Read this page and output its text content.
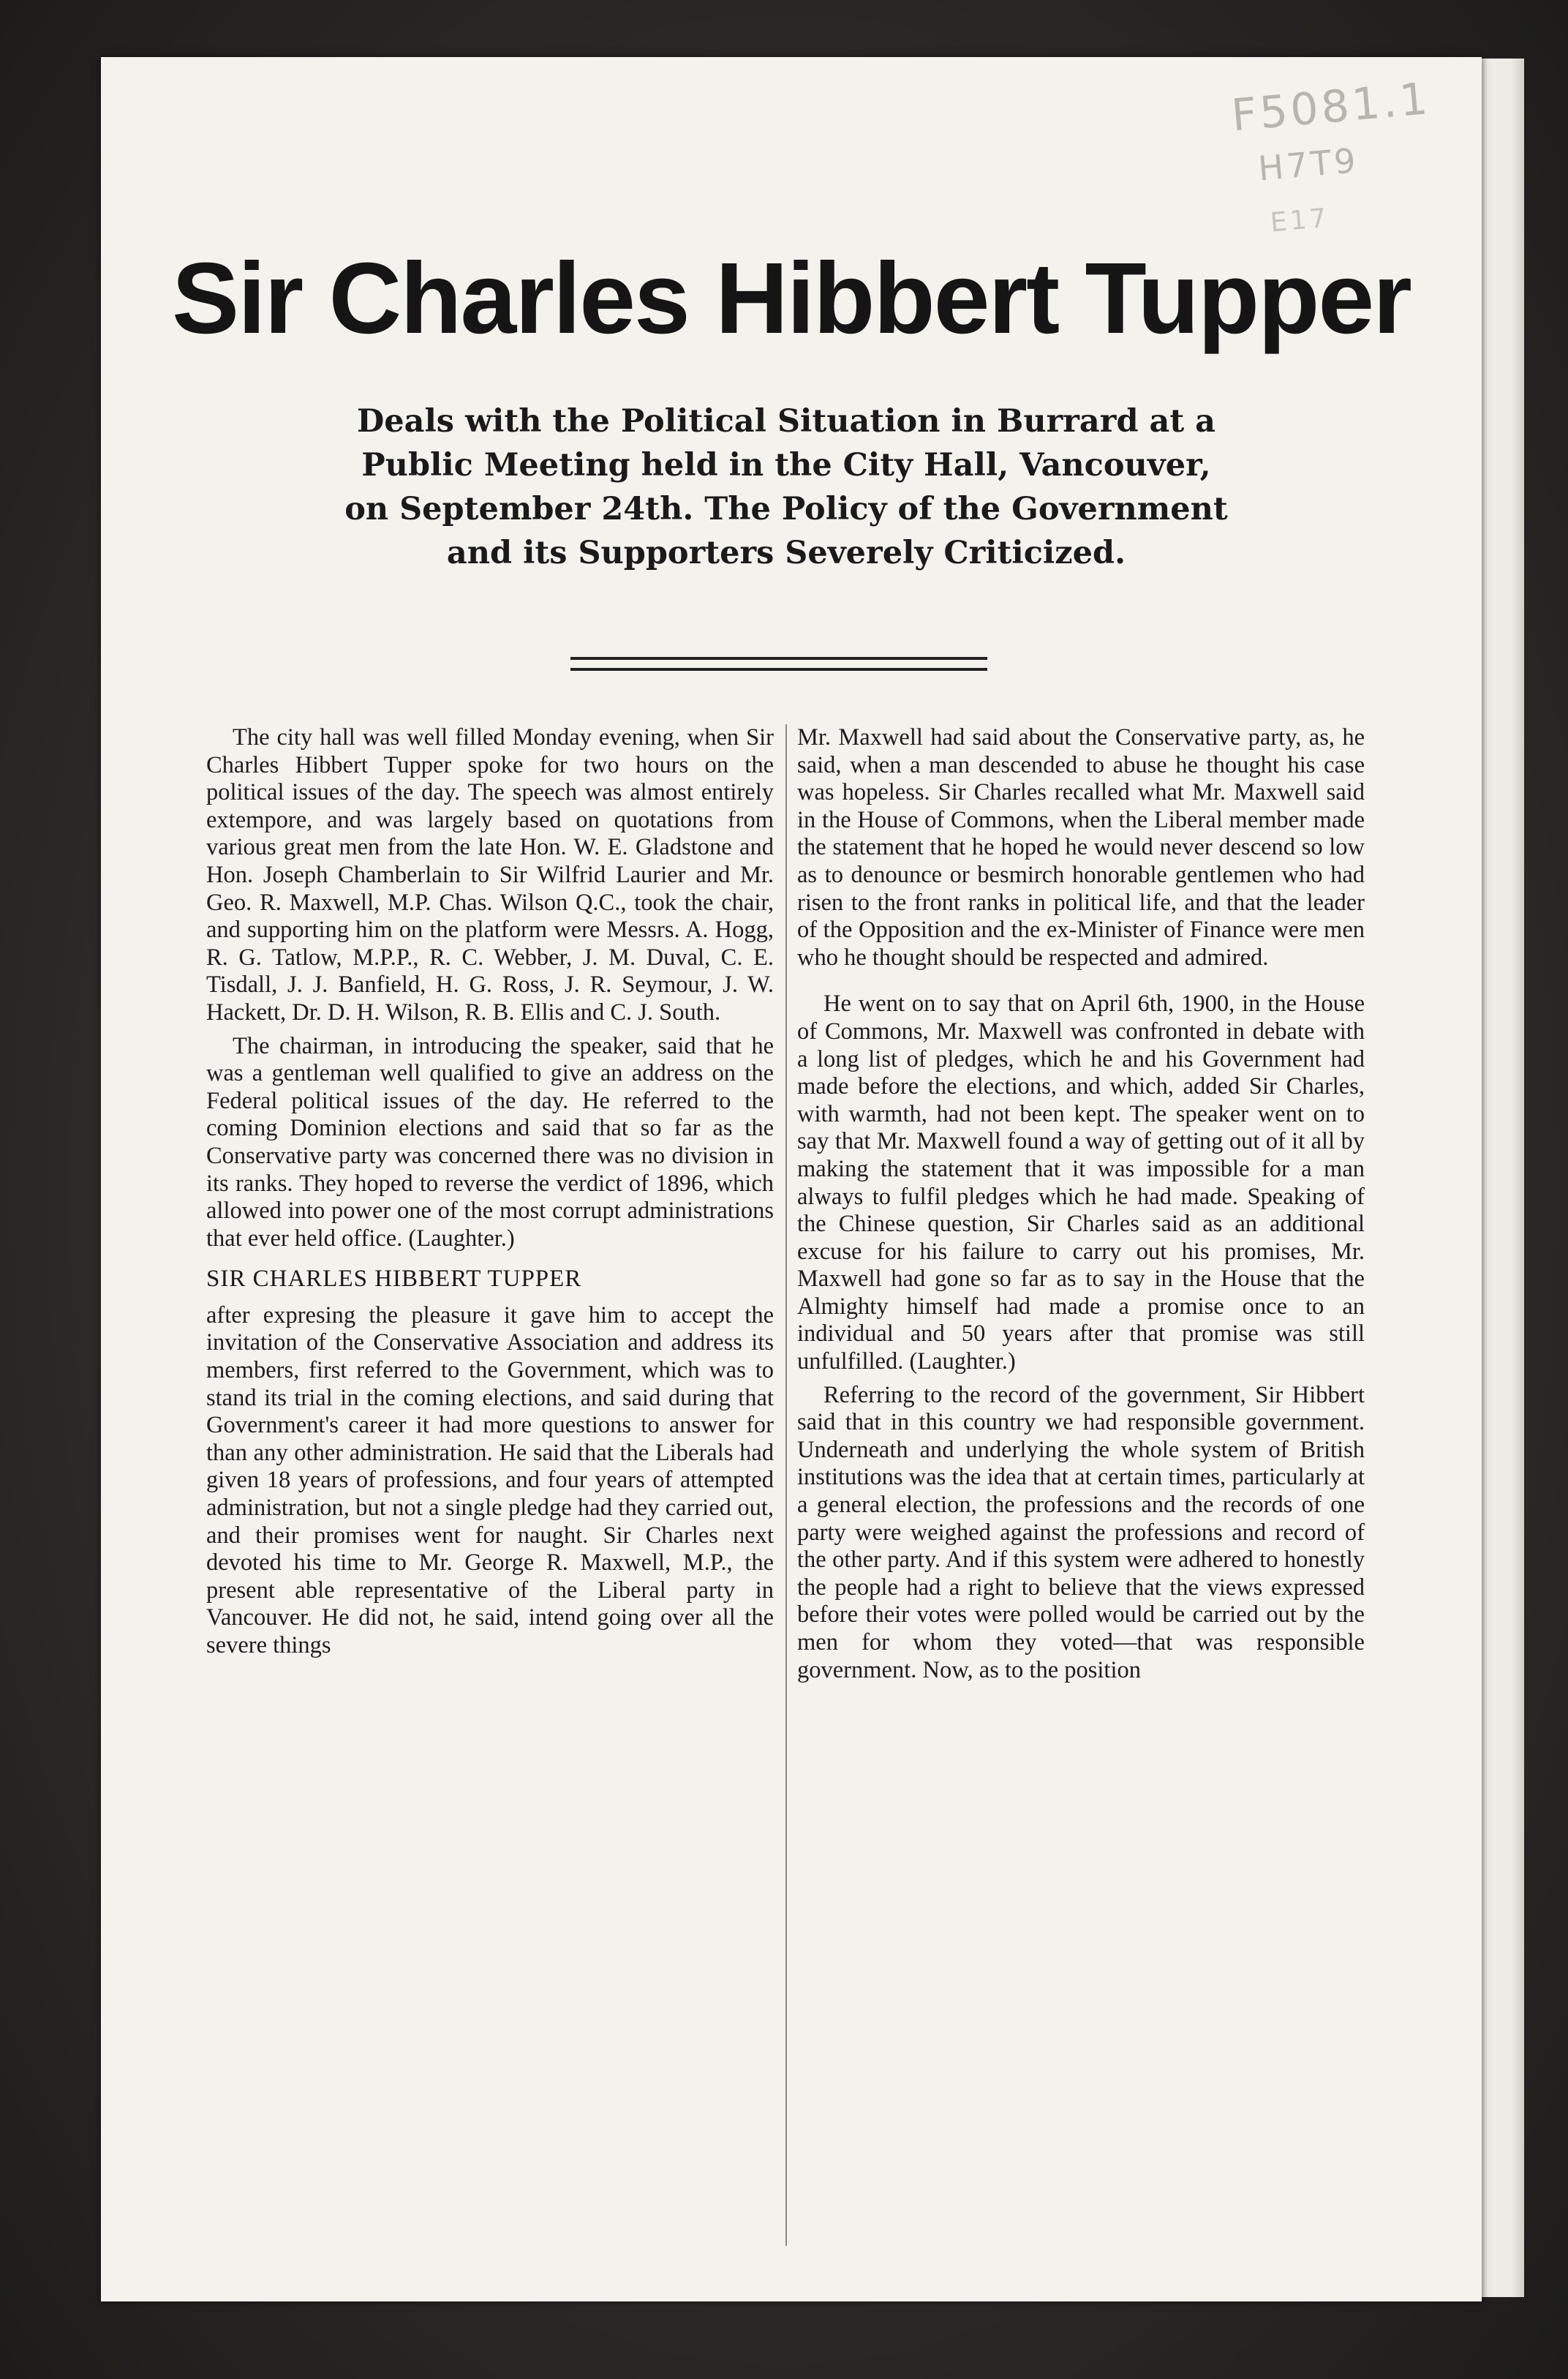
F5081.1
H7T9
E17
Sir Charles Hibbert Tupper
Deals with the Political Situation in Burrard at a Public Meeting held in the City Hall, Vancouver, on September 24th. The Policy of the Government and its Supporters Severely Criticized.

The city hall was well filled Monday evening, when Sir Charles Hibbert Tupper spoke for two hours on the political issues of the day. The speech was almost entirely extempore, and was largely based on quotations from various great men from the late Hon. W. E. Gladstone and Hon. Joseph Chamberlain to Sir Wilfrid Laurier and Mr. Geo. R. Maxwell, M.P. Chas. Wilson Q.C., took the chair, and supporting him on the platform were Messrs. A. Hogg, R. G. Tatlow, M.P.P., R. C. Webber, J. M. Duval, C. E. Tisdall, J. J. Banfield, H. G. Ross, J. R. Seymour, J. W. Hackett, Dr. D. H. Wilson, R. B. Ellis and C. J. South.

The chairman, in introducing the speaker, said that he was a gentleman well qualified to give an address on the Federal political issues of the day. He referred to the coming Dominion elections and said that so far as the Conservative party was concerned there was no division in its ranks. They hoped to reverse the verdict of 1896, which allowed into power one of the most corrupt administrations that ever held office. (Laughter.)

SIR CHARLES HIBBERT TUPPER

after expresing the pleasure it gave him to accept the invitation of the Conservative Association and address its members, first referred to the Government, which was to stand its trial in the coming elections, and said during that Government's career it had more questions to answer for than any other administration. He said that the Liberals had given 18 years of professions, and four years of attempted administration, but not a single pledge had they carried out, and their promises went for naught. Sir Charles next devoted his time to Mr. George R. Maxwell, M.P., the present able representative of the Liberal party in Vancouver. He did not, he said, intend going over all the severe things

Mr. Maxwell had said about the Conservative party, as, he said, when a man descended to abuse he thought his case was hopeless. Sir Charles recalled what Mr. Maxwell said in the House of Commons, when the Liberal member made the statement that he hoped he would never descend so low as to denounce or besmirch honorable gentlemen who had risen to the front ranks in political life, and that the leader of the Opposition and the ex-Minister of Finance were men who he thought should be respected and admired.

He went on to say that on April 6th, 1900, in the House of Commons, Mr. Maxwell was confronted in debate with a long list of pledges, which he and his Government had made before the elections, and which, added Sir Charles, with warmth, had not been kept. The speaker went on to say that Mr. Maxwell found a way of getting out of it all by making the statement that it was impossible for a man always to fulfil pledges which he had made. Speaking of the Chinese question, Sir Charles said as an additional excuse for his failure to carry out his promises, Mr. Maxwell had gone so far as to say in the House that the Almighty himself had made a promise once to an individual and 50 years after that promise was still unfulfilled. (Laughter.)

Referring to the record of the government, Sir Hibbert said that in this country we had responsible government. Underneath and underlying the whole system of British institutions was the idea that at certain times, particularly at a general election, the professions and the records of one party were weighed against the professions and record of the other party. And if this system were adhered to honestly the people had a right to believe that the views expressed before their votes were polled would be carried out by the men for whom they voted—that was responsible government. Now, as to the position
